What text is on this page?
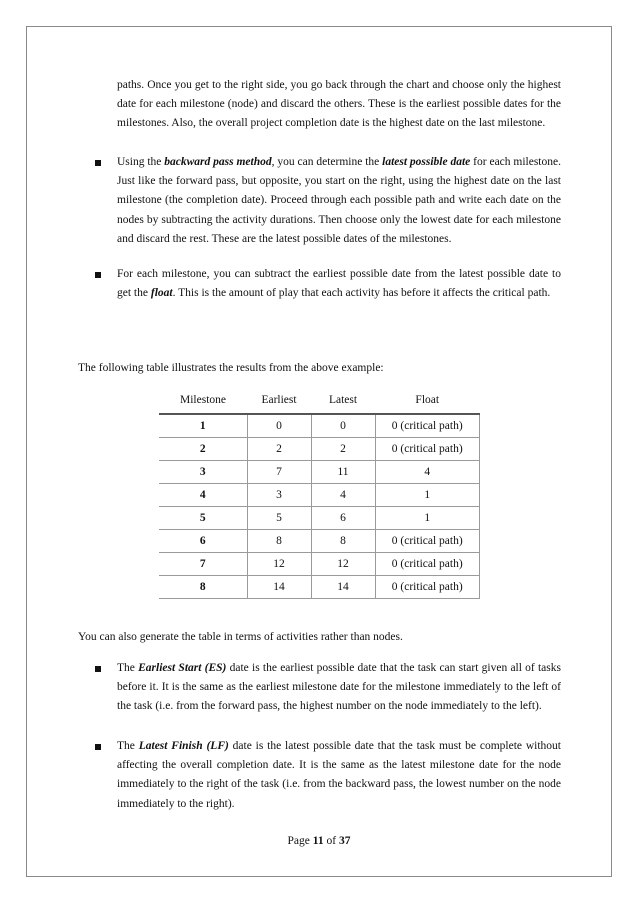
paths. Once you get to the right side, you go back through the chart and choose only the highest date for each milestone (node) and discard the others. These is the earliest possible dates for the milestones. Also, the overall project completion date is the highest date on the last milestone.

Using the backward pass method, you can determine the latest possible date for each milestone. Just like the forward pass, but opposite, you start on the right, using the highest date on the last milestone (the completion date). Proceed through each possible path and write each date on the nodes by subtracting the activity durations. Then choose only the lowest date for each milestone and discard the rest. These are the latest possible dates of the milestones.

For each milestone, you can subtract the earliest possible date from the latest possible date to get the float. This is the amount of play that each activity has before it affects the critical path.

The following table illustrates the results from the above example:

Milestone	Earliest	Latest	Float
1	0	0	0 (critical path)
2	2	2	0 (critical path)
3	7	11	4
4	3	4	1
5	5	6	1
6	8	8	0 (critical path)
7	12	12	0 (critical path)
8	14	14	0 (critical path)

You can also generate the table in terms of activities rather than nodes.

The Earliest Start (ES) date is the earliest possible date that the task can start given all of tasks before it. It is the same as the earliest milestone date for the milestone immediately to the left of the task (i.e. from the forward pass, the highest number on the node immediately to the left).

The Latest Finish (LF) date is the latest possible date that the task must be complete without affecting the overall completion date. It is the same as the latest milestone date for the node immediately to the right of the task (i.e. from the backward pass, the lowest number on the node immediately to the right).

Page 11 of 37
